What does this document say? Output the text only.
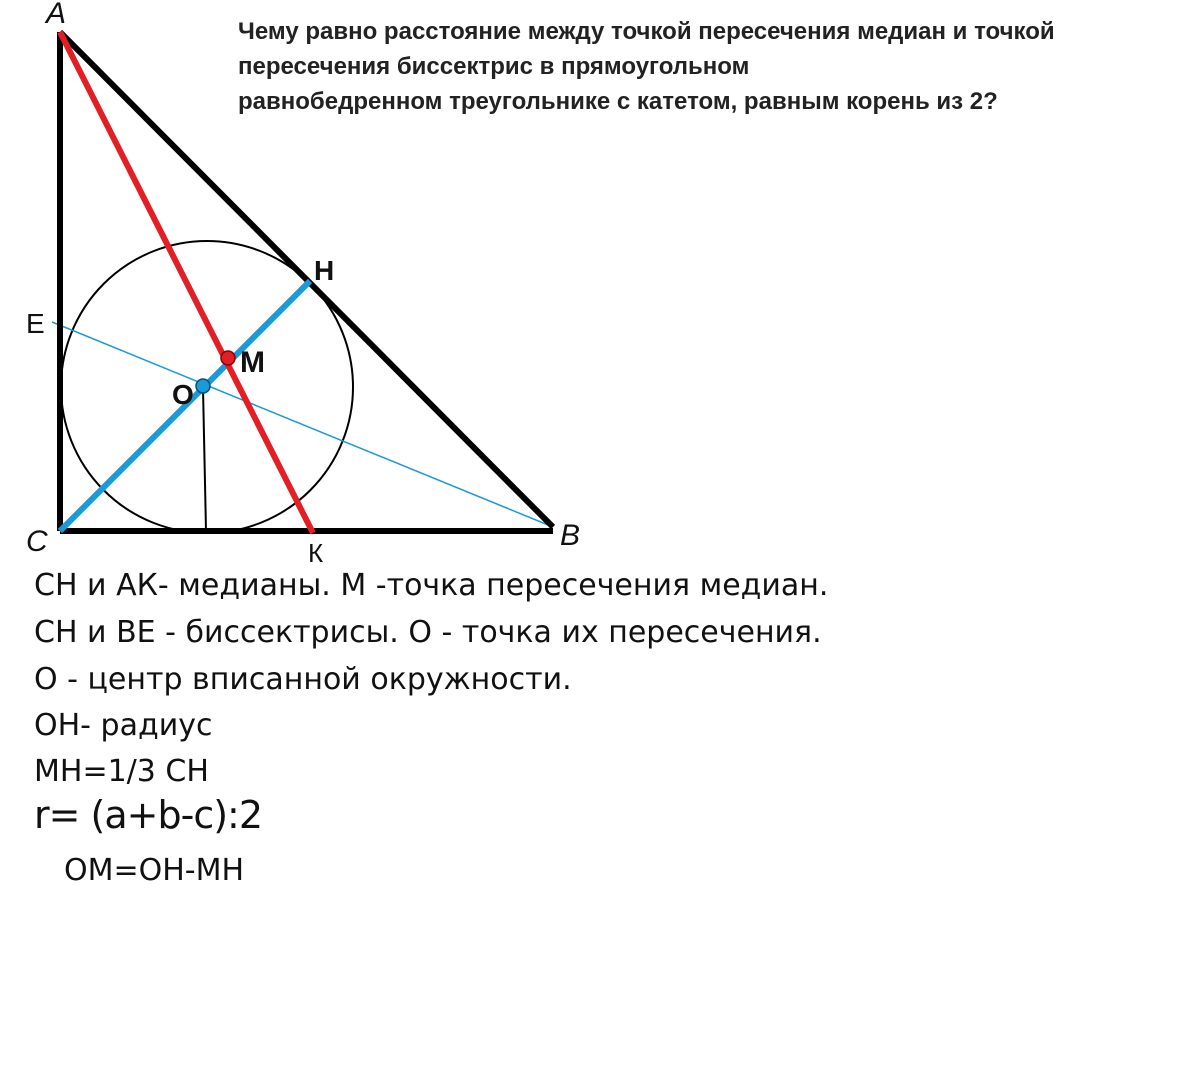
A
C	B
E
H
К
M
O
Чему равно расстояние между точкой пересечения медиан и точкой
пересечения биссектрис в прямоугольном
равнобедренном треугольнике с катетом, равным корень из 2?
СН и АК- медианы. М -точка пересечения медиан.
СН и ВЕ - биссектрисы. О - точка их пересечения.
О - центр вписанной окружности.
ОН- радиус
МН=1/3 СН
r= (a+b-c):2
ОМ=ОН-МН
